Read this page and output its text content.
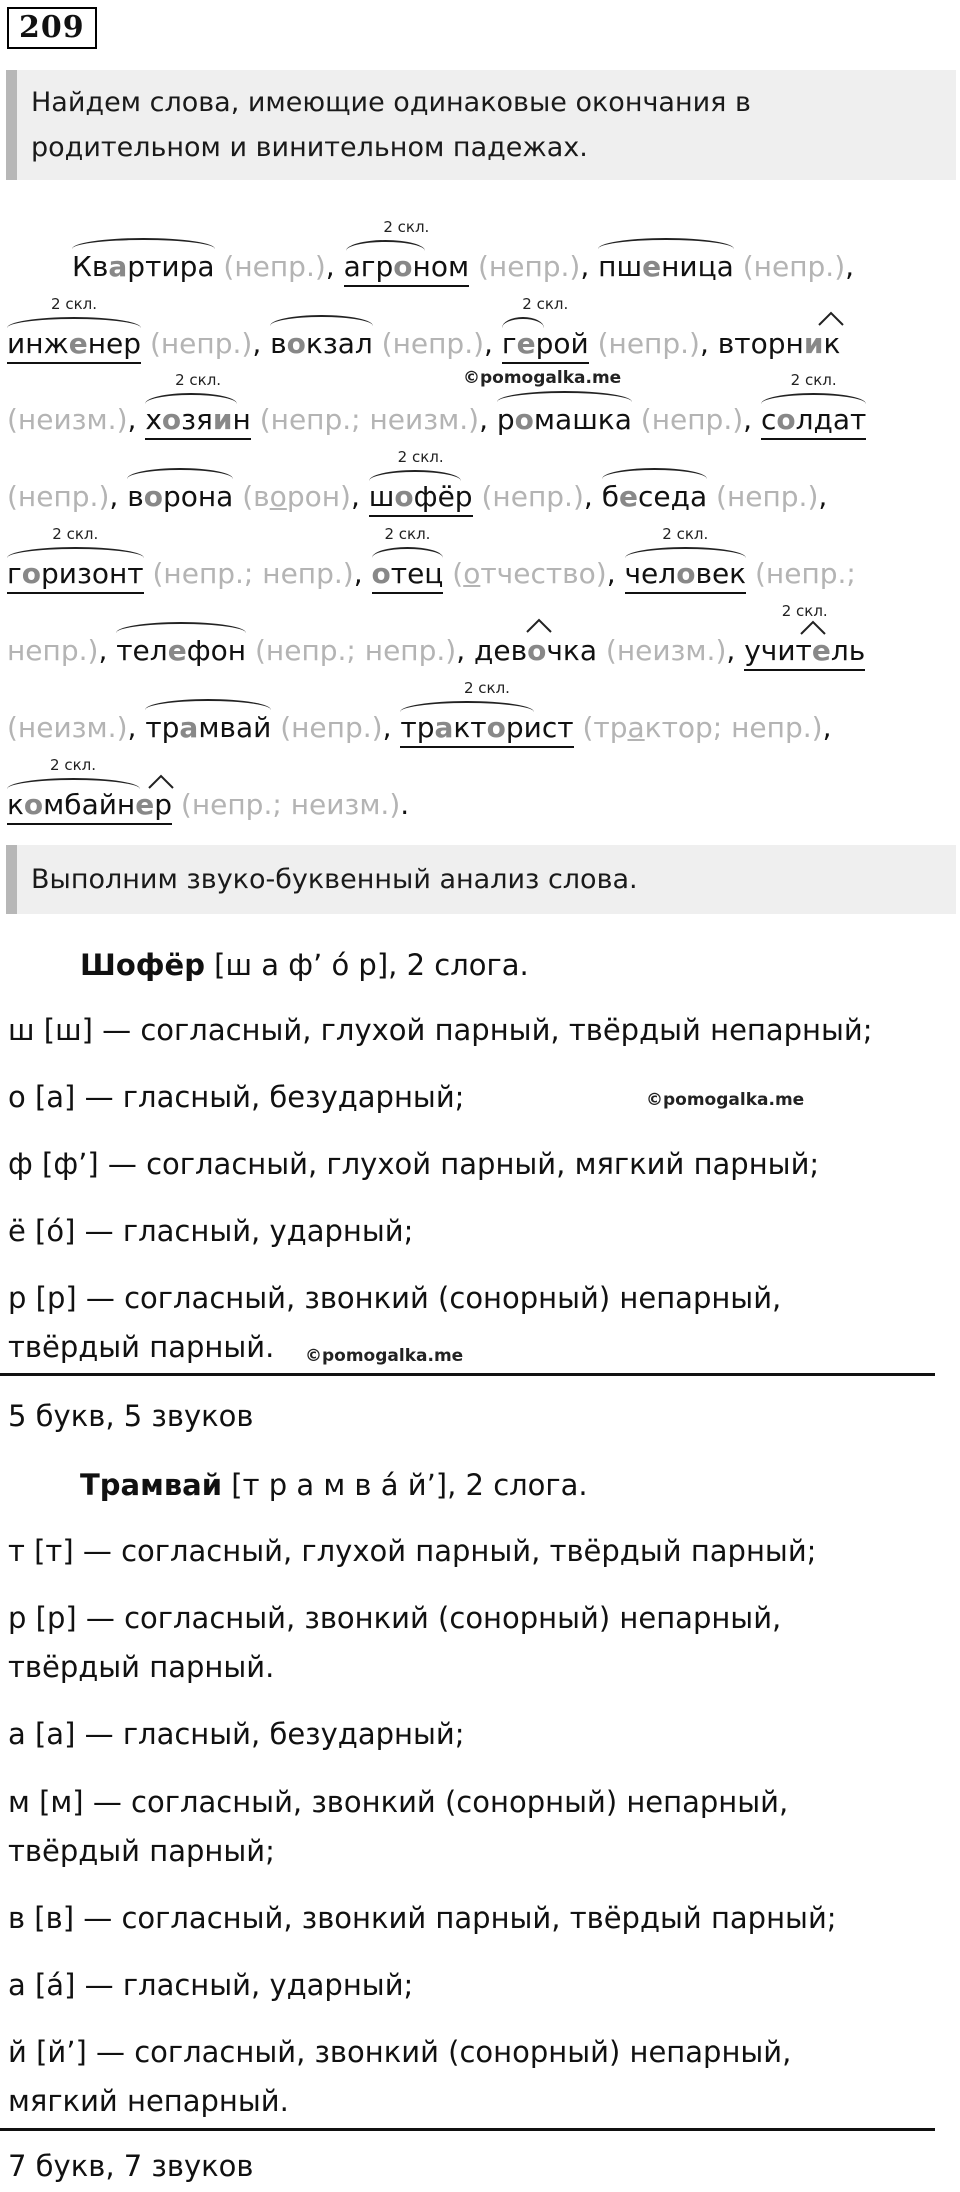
209
Найдем слова, имеющие одинаковые окончания в родительном и винительном падежах.
Квартира (непр.),
2 скл.
агроном (непр.), пшеница (непр.),
2 скл.
инженер (непр.), вокзал (непр.),
2 скл.
герой (непр.), вторник
(неизм.),
2 скл.
хозяин (непр.; неизм.), ромашка (непр.),
2 скл.
солдат
©pomogalka.me
(непр.), ворона (ворон),
2 скл.
шофёр (непр.), беседа (непр.),
2 скл.
горизонт (непр.; непр.),
2 скл.
отец (отчество),
2 скл.
человек (непр.;
непр.), телефон (непр.; непр.), девочка (неизм.),
2 скл.
учитель
(неизм.), трамвай (непр.),
2 скл.
тракторист (трактор; непр.),
2 скл.
комбайнер (непр.; неизм.).
Выполним звуко-буквенный анализ слова.
Шофёр [ш а ф’ о́ р], 2 слога.
ш [ш] — согласный, глухой парный, твёрдый непарный;
о [а] — гласный, безударный;	©pomogalka.me
ф [ф’] — согласный, глухой парный, мягкий парный;
ё [о́] — гласный, ударный;
р [р] — согласный, звонкий (сонорный) непарный,
твёрдый парный. ©pomogalka.me
5 букв, 5 звуков
Трамвай [т р а м в а́ й’], 2 слога.
т [т] — согласный, глухой парный, твёрдый парный;
р [р] — согласный, звонкий (сонорный) непарный,
твёрдый парный.
а [а] — гласный, безударный;
м [м] — согласный, звонкий (сонорный) непарный,
твёрдый парный;
в [в] — согласный, звонкий парный, твёрдый парный;
а [а́] — гласный, ударный;
й [й’] — согласный, звонкий (сонорный) непарный,
мягкий непарный.
7 букв, 7 звуков
